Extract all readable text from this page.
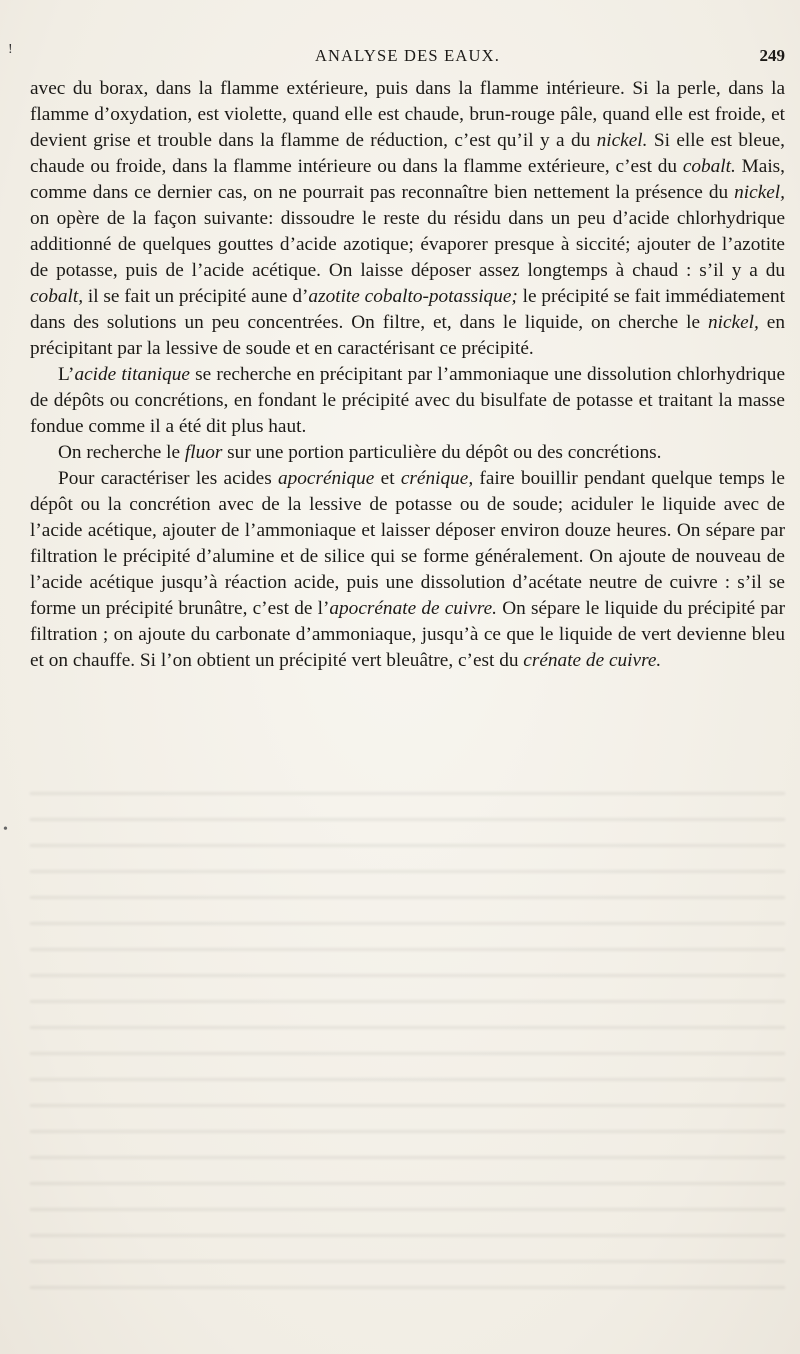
!
•
ANALYSE DES EAUX.	249

avec du borax, dans la flamme extérieure, puis dans la flamme intérieure. Si la perle, dans la flamme d’oxydation, est violette, quand elle est chaude, brun-rouge pâle, quand elle est froide, et devient grise et trouble dans la flamme de réduction, c’est qu’il y a du nickel. Si elle est bleue, chaude ou froide, dans la flamme intérieure ou dans la flamme extérieure, c’est du cobalt. Mais, comme dans ce dernier cas, on ne pourrait pas reconnaître bien nettement la présence du nickel, on opère de la façon suivante: dissoudre le reste du résidu dans un peu d’acide chlorhydrique additionné de quelques gouttes d’acide azotique; évaporer presque à siccité; ajouter de l’azotite de potasse, puis de l’acide acétique. On laisse déposer assez longtemps à chaud : s’il y a du cobalt, il se fait un précipité aune d’azotite cobalto-potassique; le précipité se fait immédiatement dans des solutions un peu concentrées. On filtre, et, dans le liquide, on cherche le nickel, en précipitant par la lessive de soude et en caractérisant ce précipité.

L’acide titanique se recherche en précipitant par l’ammoniaque une dissolution chlorhydrique de dépôts ou concrétions, en fondant le précipité avec du bisulfate de potasse et traitant la masse fondue comme il a été dit plus haut.

On recherche le fluor sur une portion particulière du dépôt ou des concrétions.

Pour caractériser les acides apocrénique et crénique, faire bouillir pendant quelque temps le dépôt ou la concrétion avec de la lessive de potasse ou de soude; aciduler le liquide avec de l’acide acétique, ajouter de l’ammoniaque et laisser déposer environ douze heures. On sépare par filtration le précipité d’alumine et de silice qui se forme généralement. On ajoute de nouveau de l’acide acétique jusqu’à réaction acide, puis une dissolution d’acétate neutre de cuivre : s’il se forme un précipité brunâtre, c’est de l’apocrénate de cuivre. On sépare le liquide du précipité par filtration ; on ajoute du carbonate d’ammoniaque, jusqu’à ce que le liquide de vert devienne bleu et on chauffe. Si l’on obtient un précipité vert bleuâtre, c’est du crénate de cuivre.
